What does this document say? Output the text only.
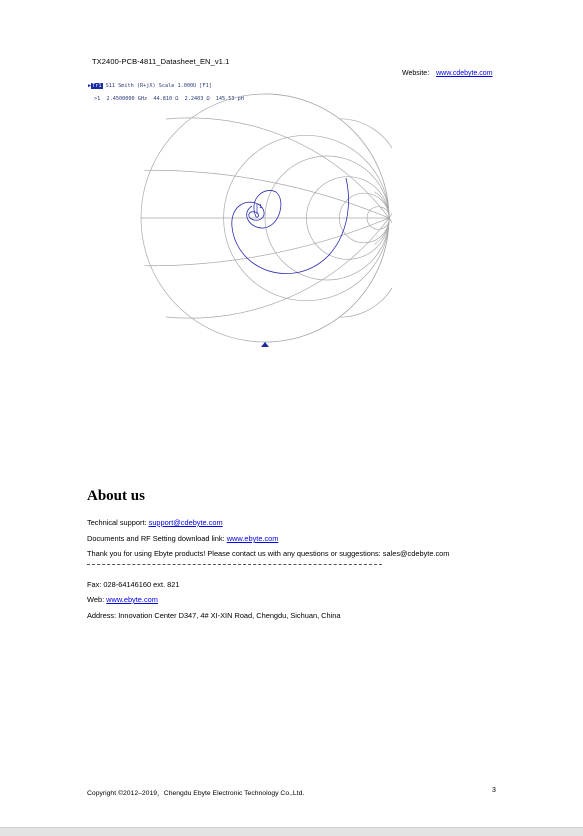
TX2400-PCB-4811_Datasheet_EN_v1.1
Website： www.cdebyte.com
▶Tr1 S11 Smith (R+jX) Scale 1.000U [F1]
>1 2.4500000 GHz  44.810 Ω  2.2403 Ω  145.53 pH
1
About us
Technical support: support@cdebyte.com
Documents and RF Setting download link: www.ebyte.com
Thank you for using Ebyte products! Please contact us with any questions or suggestions: sales@cdebyte.com
Fax: 028-64146160 ext. 821
Web: www.ebyte.com
Address: Innovation Center D347, 4# XI-XIN Road, Chengdu, Sichuan, China
Copyright ©2012–2019，Chengdu Ebyte Electronic Technology Co.,Ltd.	3
